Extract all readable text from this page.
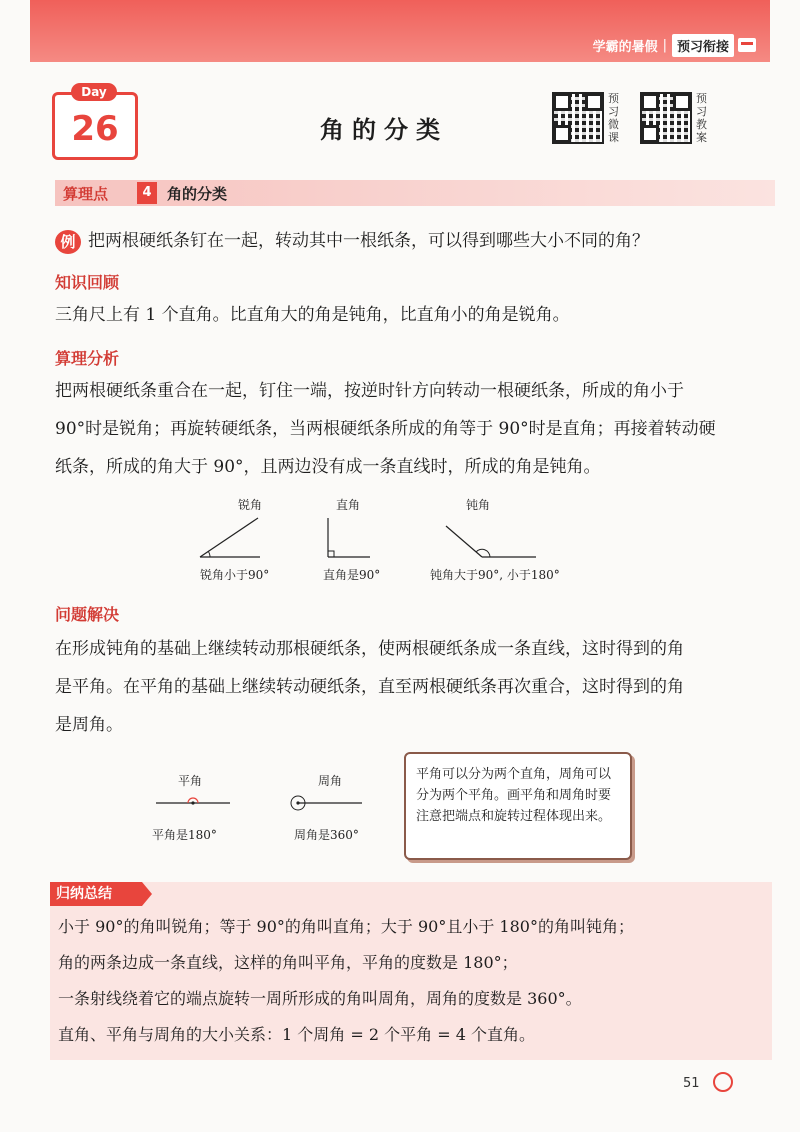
学霸的暑假 | 预习衔接
Day
26	角的分类
预习微课
预习教案
算理点	4	角的分类
例 把两根硬纸条钉在一起，转动其中一根纸条，可以得到哪些大小不同的角？
知识回顾
三角尺上有 1 个直角。比直角大的角是钝角，比直角小的角是锐角。
算理分析
把两根硬纸条重合在一起，钉住一端，按逆时针方向转动一根硬纸条，所成的角小于
90°时是锐角；再旋转硬纸条，当两根硬纸条所成的角等于 90°时是直角；再接着转动硬
纸条，所成的角大于 90°，且两边没有成一条直线时，所成的角是钝角。
锐角
锐角小于90°
直角
直角是90°
钝角
钝角大于90°, 小于180°
问题解决
在形成钝角的基础上继续转动那根硬纸条，使两根硬纸条成一条直线，这时得到的角
是平角。在平角的基础上继续转动硬纸条，直至两根硬纸条再次重合，这时得到的角
是周角。
平角
平角是180°
周角
周角是360°
平角可以分为两个直角，周角可以分为两个平角。画平角和周角时要注意把端点和旋转过程体现出来。
归纳总结
小于 90°的角叫锐角；等于 90°的角叫直角；大于 90°且小于 180°的角叫钝角；
角的两条边成一条直线，这样的角叫平角，平角的度数是 180°；
一条射线绕着它的端点旋转一周所形成的角叫周角，周角的度数是 360°。
直角、平角与周角的大小关系：1 个周角 = 2 个平角 = 4 个直角。
51
